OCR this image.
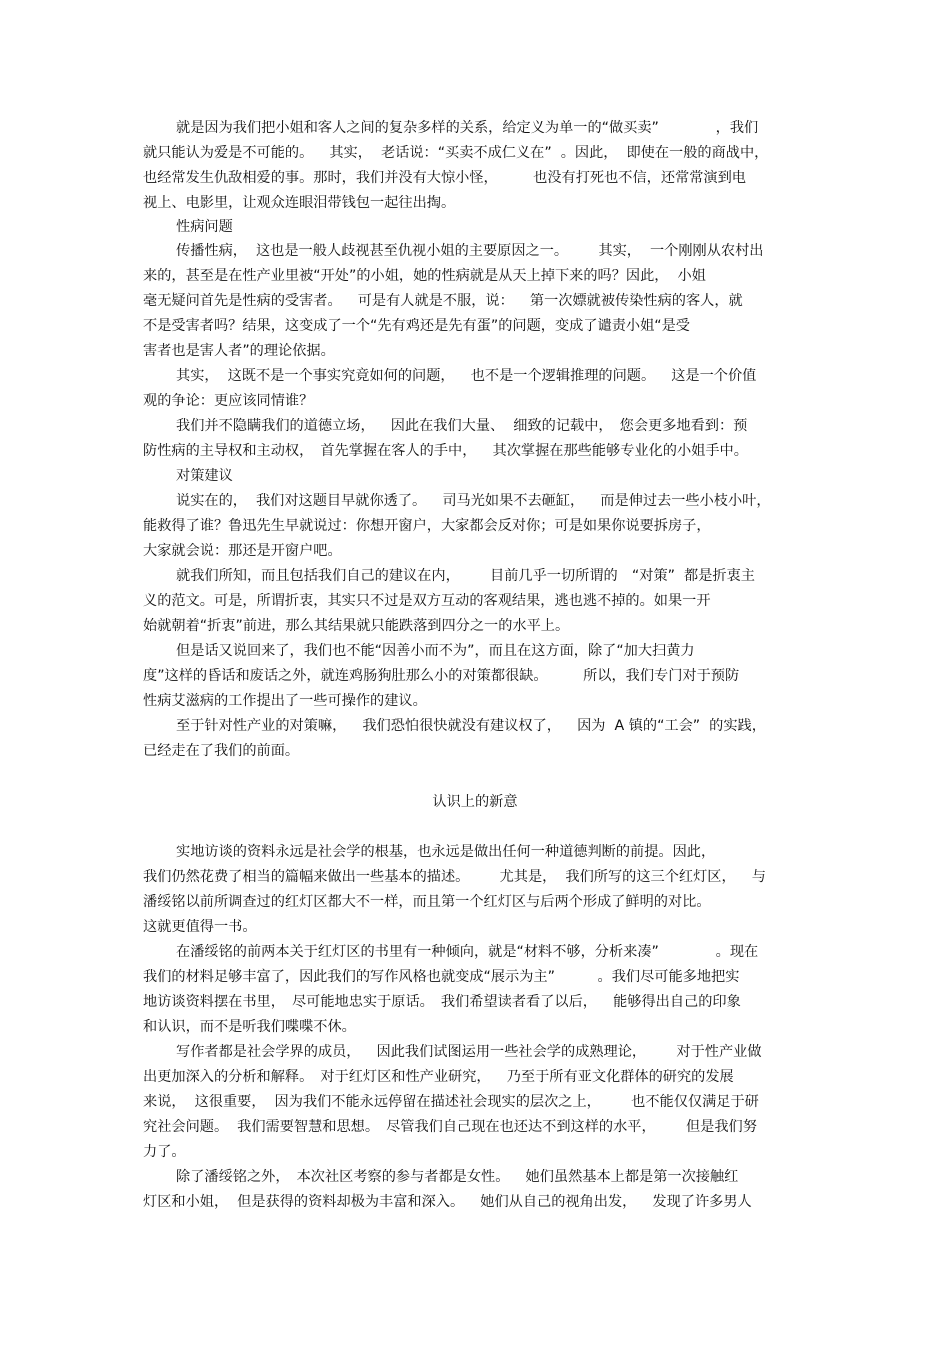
就是因为我们把小姐和客人之间的复杂多样的关系，给定义为单一的“做买卖”　　　　，我们
就只能认为爱是不可能的。　  其实，  老话说：“买卖不成仁义在”  。因此，  即使在一般的商战中，
也经常发生仇敌相爱的事。那时，我们并没有大惊小怪，　　　也没有打死也不信，还常常演到电
视上、电影里，让观众连眼泪带钱包一起往出掏。
性病问题
传播性病，  这也是一般人歧视甚至仇视小姐的主要原因之一。　　  其实，  一个刚刚从农村出
来的，甚至是在性产业里被“开处”的小姐，她的性病就是从天上掉下来的吗？因此，  小姐
毫无疑问首先是性病的受害者。　  可是有人就是不服，说：　  第一次嫖就被传染性病的客人，就
不是受害者吗？结果，这变成了一个“先有鸡还是先有蛋”的问题，变成了谴责小姐“是受
害者也是害人者”的理论依据。
其实，  这既不是一个事实究竟如何的问题，　  也不是一个逻辑推理的问题。　  这是一个价值
观的争论：更应该同情谁？
我们并不隐瞒我们的道德立场，　  因此在我们大量、  细致的记载中，　您会更多地看到：预
防性病的主导权和主动权，　首先掌握在客人的手中，　  其次掌握在那些能够专业化的小姐手中。
对策建议
说实在的，  我们对这题目早就你透了。　  司马光如果不去砸缸，　  而是伸过去一些小枝小叶，
能救得了谁？鲁迅先生早就说过：你想开窗户，大家都会反对你；可是如果你说要拆房子，
大家就会说：那还是开窗户吧。
就我们所知，而且包括我们自己的建议在内，　　  目前几乎一切所谓的　“对策”  都是折衷主
义的范文。可是，所谓折衷，其实只不过是双方互动的客观结果，逃也逃不掉的。如果一开
始就朝着“折衷”前进，那么其结果就只能跌落到四分之一的水平上。
但是话又说回来了，我们也不能“因善小而不为”，而且在这方面，除了“加大扫黄力
度”这样的昏话和废话之外，就连鸡肠狗肚那么小的对策都很缺。　　　所以，我们专门对于预防
性病艾滋病的工作提出了一些可操作的建议。
至于针对性产业的对策嘛，　  我们恐怕很快就没有建议权了，　  因为  A 镇的“工会”  的实践，
已经走在了我们的前面。
认识上的新意
实地访谈的资料永远是社会学的根基，也永远是做出任何一种道德判断的前提。因此，
我们仍然花费了相当的篇幅来做出一些基本的描述。　　  尤其是，  我们所写的这三个红灯区，　  与
潘绥铭以前所调查过的红灯区都大不一样，而且第一个红灯区与后两个形成了鲜明的对比。
这就更值得一书。
在潘绥铭的前两本关于红灯区的书里有一种倾向，就是“材料不够，分析来凑”　　　　。现在
我们的材料足够丰富了，因此我们的写作风格也就变成“展示为主”　　　。我们尽可能多地把实
地访谈资料摆在书里，　尽可能地忠实于原话。　我们希望读者看了以后，　  能够得出自己的印象
和认识，而不是听我们喋喋不休。
写作者都是社会学界的成员，　  因此我们试图运用一些社会学的成熟理论，　　  对于性产业做
出更加深入的分析和解释。　对于红灯区和性产业研究，　  乃至于所有亚文化群体的研究的发展
来说，  这很重要，  因为我们不能永远停留在描述社会现实的层次之上，　　  也不能仅仅满足于研
究社会问题。  我们需要智慧和思想。　尽管我们自己现在也还达不到这样的水平，　　  但是我们努
力了。
除了潘绥铭之外，　本次社区考察的参与者都是女性。　  她们虽然基本上都是第一次接触红
灯区和小姐，  但是获得的资料却极为丰富和深入。　  她们从自己的视角出发，　  发现了许多男人
